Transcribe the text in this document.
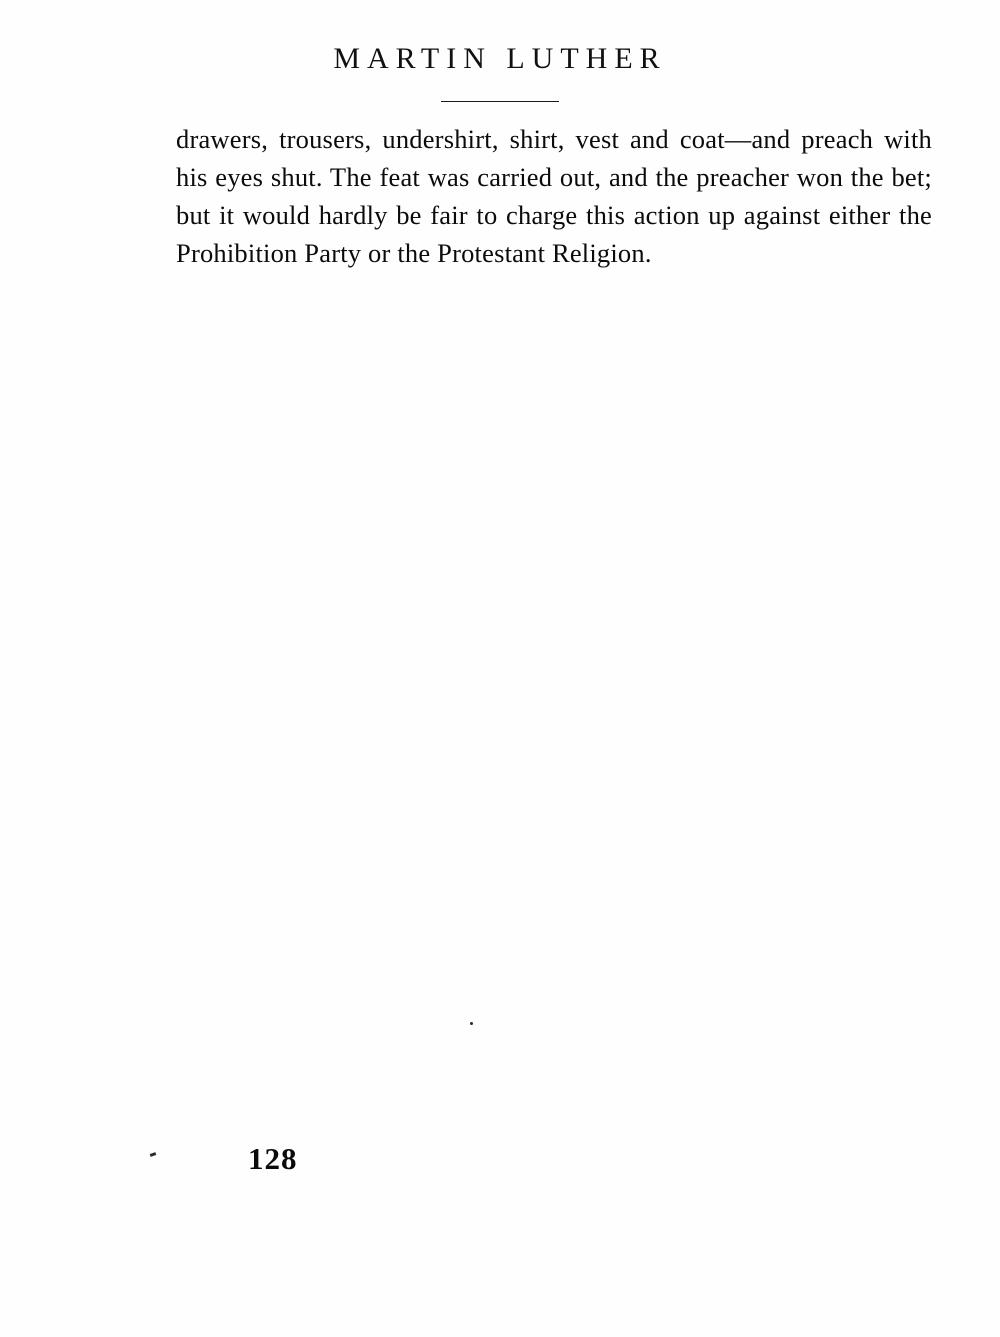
MARTIN LUTHER

drawers, trousers, undershirt, shirt, vest and coat—and preach with his eyes shut. The feat was carried out, and the preacher won the bet; but it would hardly be fair to charge this action up against either the Prohibition Party or the Protestant Religion.

128
